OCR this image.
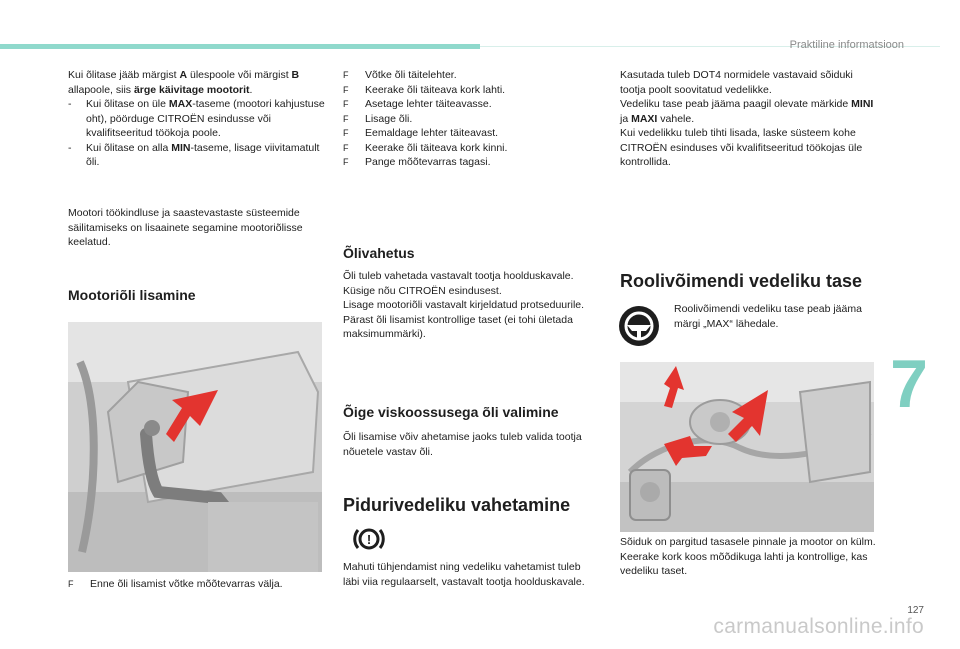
Praktiline informatsioon
7
127
carmanualsonline.info

Kui õlitase jääb märgist A ülespoole või märgist B allapoole, siis ärge käivitage mootorit.

- Kui õlitase on üle MAX-taseme (mootori kahjustuse oht), pöörduge CITROËN esindusse või kvalifitseeritud töökoja poole.
- Kui õlitase on alla MIN-taseme, lisage viivitamatult õli.

Mootori töökindluse ja saastevastaste süsteemide säilitamiseks on lisaainete segamine mootoriõlisse keelatud.

Mootoriõli lisamine
F Enne õli lisamist võtke mõõtevarras välja.
F Võtke õli täitelehter.
F Keerake õli täiteava kork lahti.
F Asetage lehter täiteavasse.
F Lisage õli.
F Eemaldage lehter täiteavast.
F Keerake õli täiteava kork kinni.
F Pange mõõtevarras tagasi.
Õlivahetus

Õli tuleb vahetada vastavalt tootja hoolduskavale. Küsige nõu CITROËN esindusest.

Lisage mootoriõli vastavalt kirjeldatud protseduurile.

Pärast õli lisamist kontrollige taset (ei tohi ületada maksimummärki).

Õige viskoossusega õli valimine

Õli lisamise võiv ahetamise jaoks tuleb valida tootja nõuetele vastav õli.

Pidurivedeliku vahetamine
!

Mahuti tühjendamist ning vedeliku vahetamist tuleb läbi viia regulaarselt, vastavalt tootja hoolduskavale.

Kasutada tuleb DOT4 normidele vastavaid sõiduki tootja poolt soovitatud vedelikke.

Vedeliku tase peab jääma paagil olevate märkide MINI ja MAXI vahele.

Kui vedelikku tuleb tihti lisada, laske süsteem kohe CITROËN esinduses või kvalifitseeritud töökojas üle kontrollida.

Roolivõimendi vedeliku tase

Roolivõimendi vedeliku tase peab jääma märgi „MAX“ lähedale.

Sõiduk on pargitud tasasele pinnale ja mootor on külm. Keerake kork koos mõõdikuga lahti ja kontrollige, kas vedeliku taset.
